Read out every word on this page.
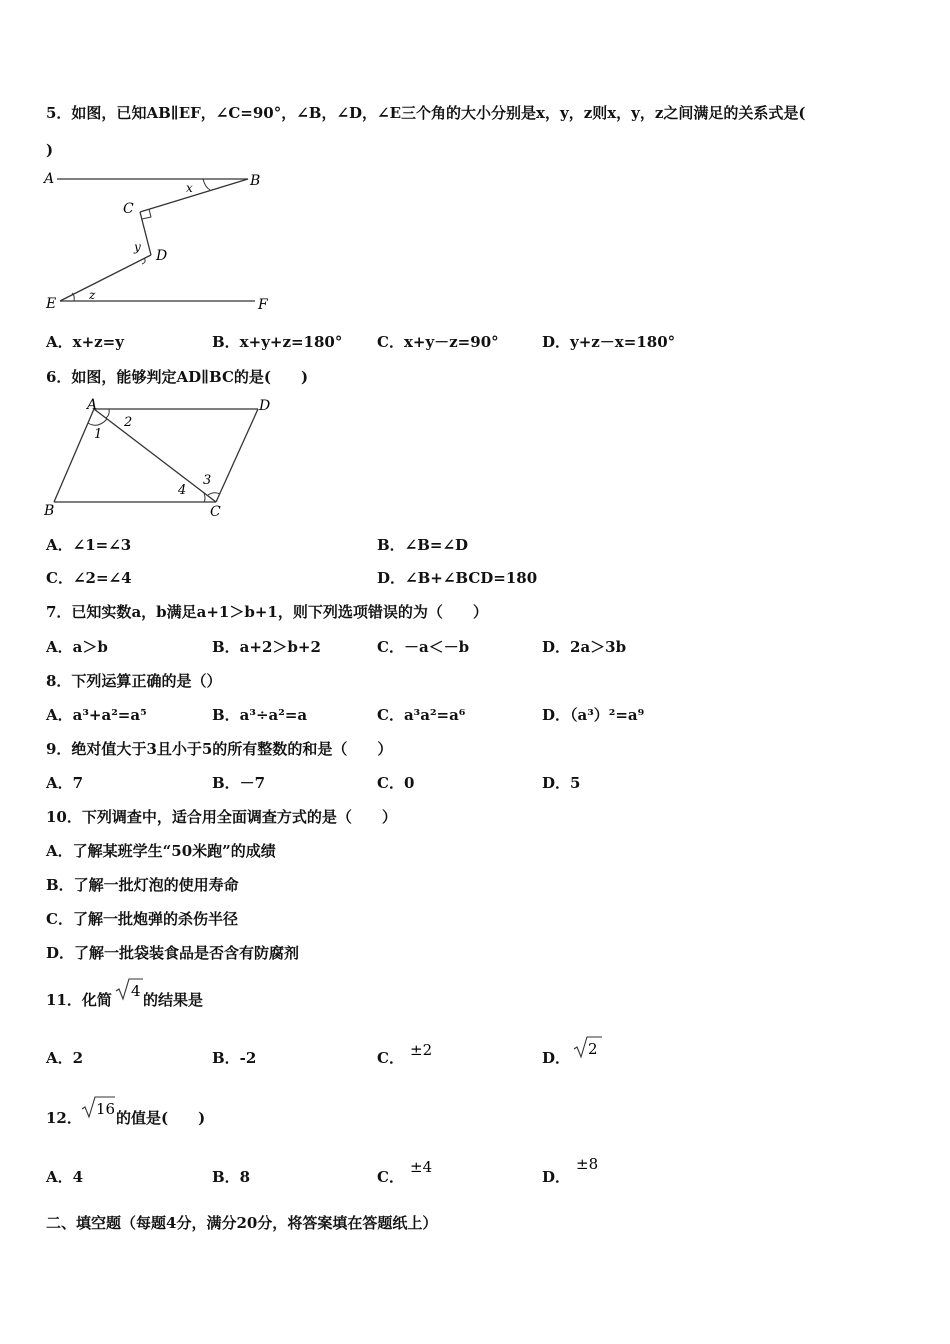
5．如图，已知AB∥EF，∠C=90°，∠B，∠D，∠E三个角的大小分别是x，y，z则x，y，z之间满足的关系式是(
)
A	B
C
D
E	F
x
y
z
A．x+z=y	B．x+y+z=180° C．x+y－z=90°	D．y+z－x=180°
6．如图，能够判定AD∥BC的是(　　)
A	D
B	C
1
2
3
4
A．∠1=∠3	B．∠B=∠D
C．∠2=∠4	D．∠B+∠BCD=180
7．已知实数a，b满足a+1＞b+1，则下列选项错误的为（　　）
A．a＞b	B．a+2＞b+2	C．－a＜－b	D．2a＞3b
8．下列运算正确的是（）
A．a³+a²=a⁵	B．a³÷a²=a	C．a³a²=a⁶	D．（a³）²=a⁹
9．绝对值大于3且小于5的所有整数的和是（　　）
A．7	B．－7	C．0	D．5
10．下列调查中，适合用全面调查方式的是（　　）
A．了解某班学生“50米跑”的成绩
B．了解一批灯泡的使用寿命
C．了解一批炮弹的杀伤半径
D．了解一批袋装食品是否含有防腐剂
11．化简 4 的结果是
A．2	B．-2	C． ±2	D． 2
12． 16 的值是(　　)
A．4	B．8	C．
±4
D．
±8
二、填空题（每题4分，满分20分，将答案填在答题纸上）
